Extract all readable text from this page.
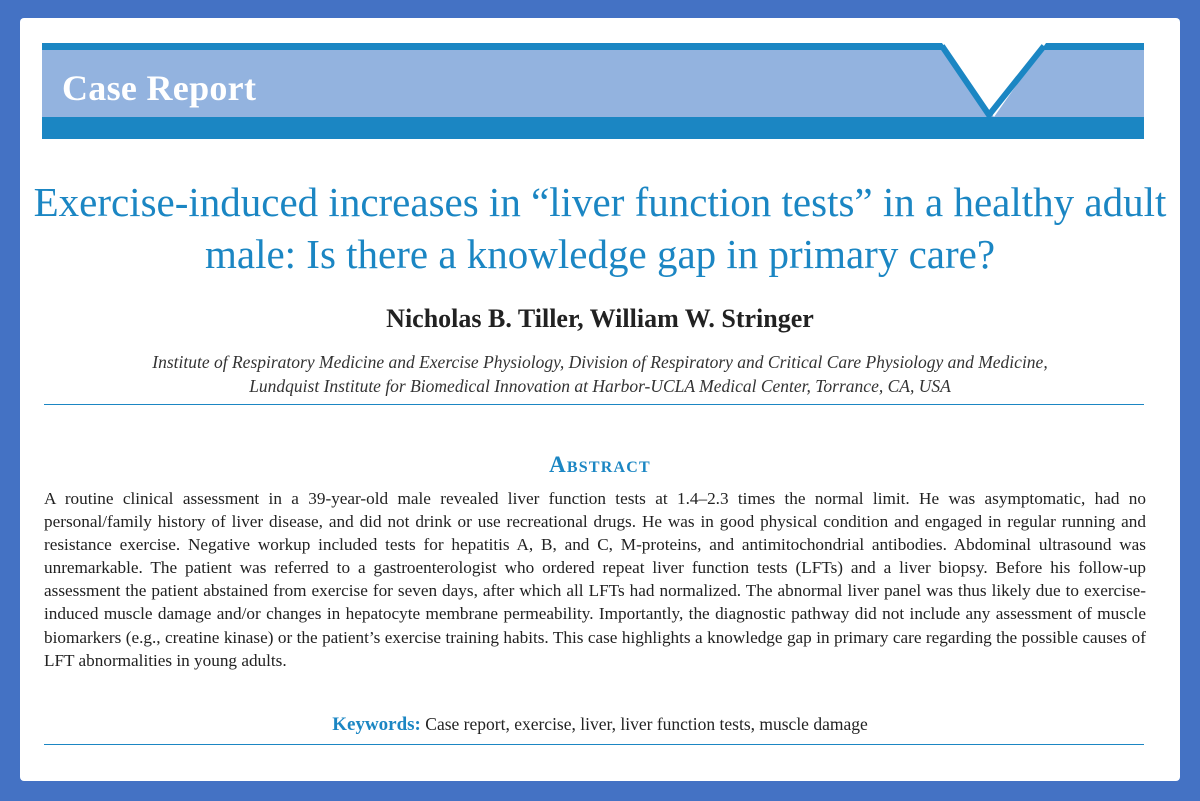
Case Report
Exercise-induced increases in “liver function tests” in a healthy adult male: Is there a knowledge gap in primary care?
Nicholas B. Tiller, William W. Stringer
Institute of Respiratory Medicine and Exercise Physiology, Division of Respiratory and Critical Care Physiology and Medicine,
Lundquist Institute for Biomedical Innovation at Harbor-UCLA Medical Center, Torrance, CA, USA
Abstract
A routine clinical assessment in a 39-year-old male revealed liver function tests at 1.4–2.3 times the normal limit. He was asymptomatic, had no personal/family history of liver disease, and did not drink or use recreational drugs. He was in good physical condition and engaged in regular running and resistance exercise. Negative workup included tests for hepatitis A, B, and C, M-proteins, and antimitochondrial antibodies. Abdominal ultrasound was unremarkable. The patient was referred to a gastroenterologist who ordered repeat liver function tests (LFTs) and a liver biopsy. Before his follow-up assessment the patient abstained from exercise for seven days, after which all LFTs had normalized. The abnormal liver panel was thus likely due to exercise-induced muscle damage and/or changes in hepatocyte membrane permeability. Importantly, the diagnostic pathway did not include any assessment of muscle biomarkers (e.g., creatine kinase) or the patient’s exercise training habits. This case highlights a knowledge gap in primary care regarding the possible causes of LFT abnormalities in young adults.
Keywords: Case report, exercise, liver, liver function tests, muscle damage
